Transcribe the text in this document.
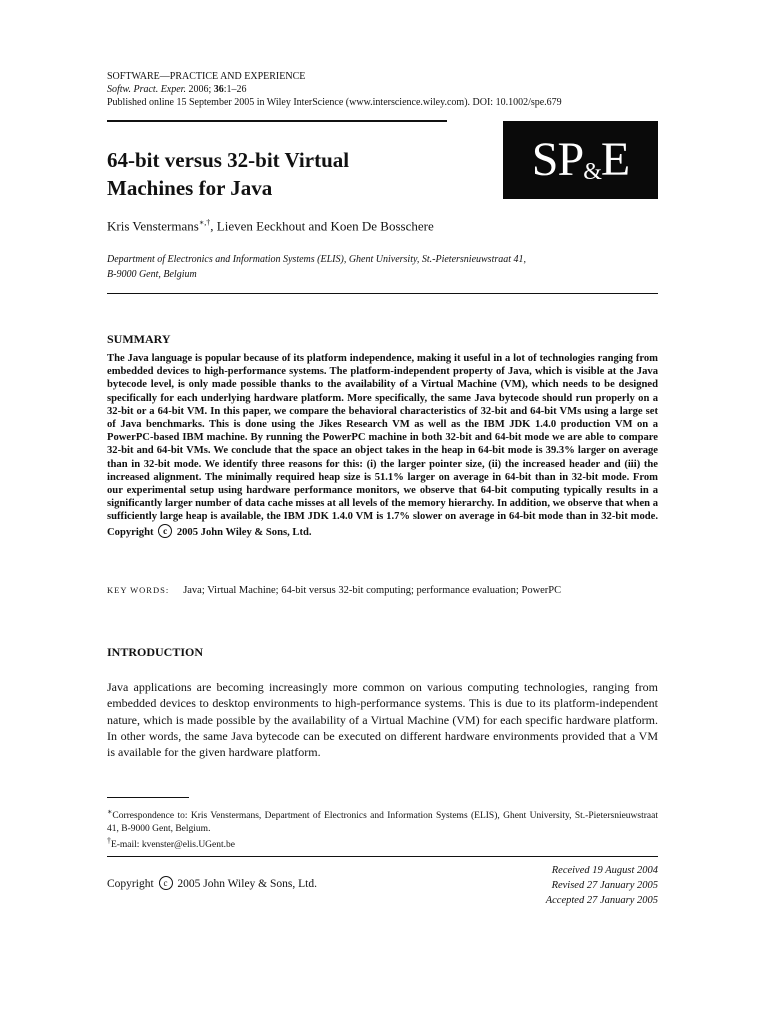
SOFTWARE—PRACTICE AND EXPERIENCE
Softw. Pract. Exper. 2006; 36:1–26
Published online 15 September 2005 in Wiley InterScience (www.interscience.wiley.com). DOI: 10.1002/spe.679
64-bit versus 32-bit Virtual
Machines for Java
SP&E
Kris Venstermans∗,†, Lieven Eeckhout and Koen De Bosschere
Department of Electronics and Information Systems (ELIS), Ghent University, St.-Pietersnieuwstraat 41,
B-9000 Gent, Belgium
SUMMARY
The Java language is popular because of its platform independence, making it useful in a lot of technologies ranging from embedded devices to high-performance systems. The platform-independent property of Java, which is visible at the Java bytecode level, is only made possible thanks to the availability of a Virtual Machine (VM), which needs to be designed specifically for each underlying hardware platform. More specifically, the same Java bytecode should run properly on a 32-bit or a 64-bit VM. In this paper, we compare the behavioral characteristics of 32-bit and 64-bit VMs using a large set of Java benchmarks. This is done using the Jikes Research VM as well as the IBM JDK 1.4.0 production VM on a PowerPC-based IBM machine. By running the PowerPC machine in both 32-bit and 64-bit mode we are able to compare 32-bit and 64-bit VMs. We conclude that the space an object takes in the heap in 64-bit mode is 39.3% larger on average than in 32-bit mode. We identify three reasons for this: (i) the larger pointer size, (ii) the increased header and (iii) the increased alignment. The minimally required heap size is 51.1% larger on average in 64-bit than in 32-bit mode. From our experimental setup using hardware performance monitors, we observe that 64-bit computing typically results in a significantly larger number of data cache misses at all levels of the memory hierarchy. In addition, we observe that when a sufficiently large heap is available, the IBM JDK 1.4.0 VM is 1.7% slower on average in 64-bit mode than in 32-bit mode. Copyright c 2005 John Wiley & Sons, Ltd.
KEY WORDS: Java; Virtual Machine; 64-bit versus 32-bit computing; performance evaluation; PowerPC
INTRODUCTION
Java applications are becoming increasingly more common on various computing technologies, ranging from embedded devices to desktop environments to high-performance systems. This is due to its platform-independent nature, which is made possible by the availability of a Virtual Machine (VM) for each specific hardware platform. In other words, the same Java bytecode can be executed on different hardware environments provided that a VM is available for the given hardware platform.
∗Correspondence to: Kris Venstermans, Department of Electronics and Information Systems (ELIS), Ghent University, St.-Pietersnieuwstraat 41, B-9000 Gent, Belgium.
†E-mail: kvenster@elis.UGent.be
Copyright c 2005 John Wiley & Sons, Ltd.
Received 19 August 2004
Revised 27 January 2005
Accepted 27 January 2005
